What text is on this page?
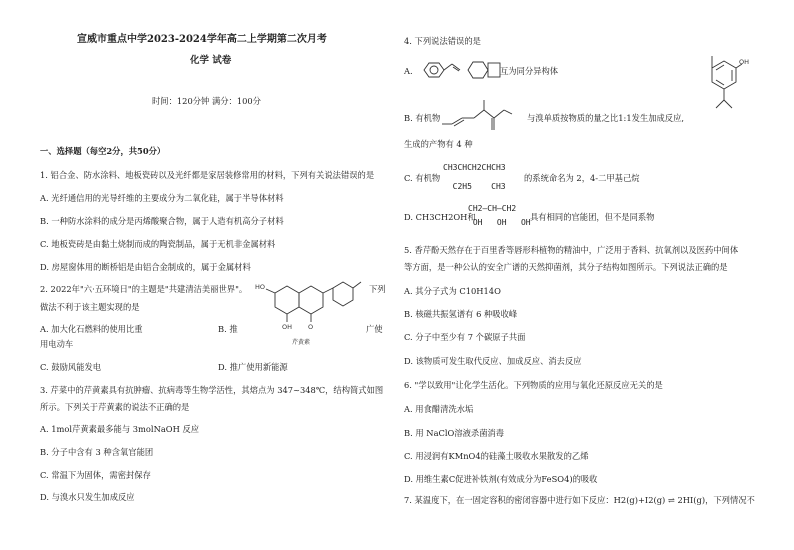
宣威市重点中学2023-2024学年高二上学期第二次月考
化学 试卷
时间：120分钟 满分：100分
一、选择题（每空2分，共50分）
1. 铝合金、防水涂料、地板瓷砖以及光纤都是家居装修常用的材料，下列有关说法错误的是
A. 光纤通信用的光导纤维的主要成分为二氧化硅，属于半导体材料
B. 一种防水涂料的成分是丙烯酸聚合物，属于人造有机高分子材料
C. 地板瓷砖是由黏土烧制而成的陶瓷制品，属于无机非金属材料
D. 房屋窗体用的断桥铝是由铝合金制成的，属于金属材料
2. 2022年"六·五环境日"的主题是"共建清洁美丽世界"。	下列
做法不利于该主题实现的是
A. 加大化石燃料的使用比重	B. 推	广使
用电动车
C. 鼓励风能发电	D. 推广使用新能源
HO
OH O
芹黄素
3. 芹菜中的芹黄素具有抗肿瘤、抗病毒等生物学活性，其熔点为 347~348℃，结构简式如图
所示。下列关于芹黄素的说法不正确的是
A. 1mol芹黄素最多能与 3molNaOH 反应
B. 分子中含有 3 种含氧官能团
C. 常温下为固体，需密封保存
D. 与溴水只发生加成反应
4. 下列说法错误的是
A.	互为同分异构体
B. 有机物	与溴单质按物质的量之比1:1发生加成反应,
生成的产物有 4 种
OH
C. 有机物
CH3CHCH2CHCH3
C2H5    CH3
的系统命名为 2，4-二甲基己烷
D. CH3CH2OH和
CH2—CH—CH2
OH   OH   OH
具有相同的官能团，但不是同系物
5. 香芹酚天然存在于百里香等唇形科植物的精油中，广泛用于香料、抗氧剂以及医药中间体
等方面，是一种公认的安全广谱的天然抑菌剂，其分子结构如图所示。下列说法正确的是
A. 其分子式为 C10H14O
B. 核磁共振氢谱有 6 种吸收峰
C. 分子中至少有 7 个碳原子共面
D. 该物质可发生取代反应、加成反应、消去反应
6. "学以致用"让化学生活化。下列物质的应用与氧化还原反应无关的是
A. 用食醋清洗水垢
B. 用 NaClO溶液杀菌消毒
C. 用浸润有KMnO4的硅藻土吸收水果散发的乙烯
D. 用维生素C促进补铁剂(有效成分为FeSO4)的吸收
7. 某温度下，在一固定容积的密闭容器中进行如下反应：H2(g)+I2(g) ⇌ 2HI(g)，下列情况不
